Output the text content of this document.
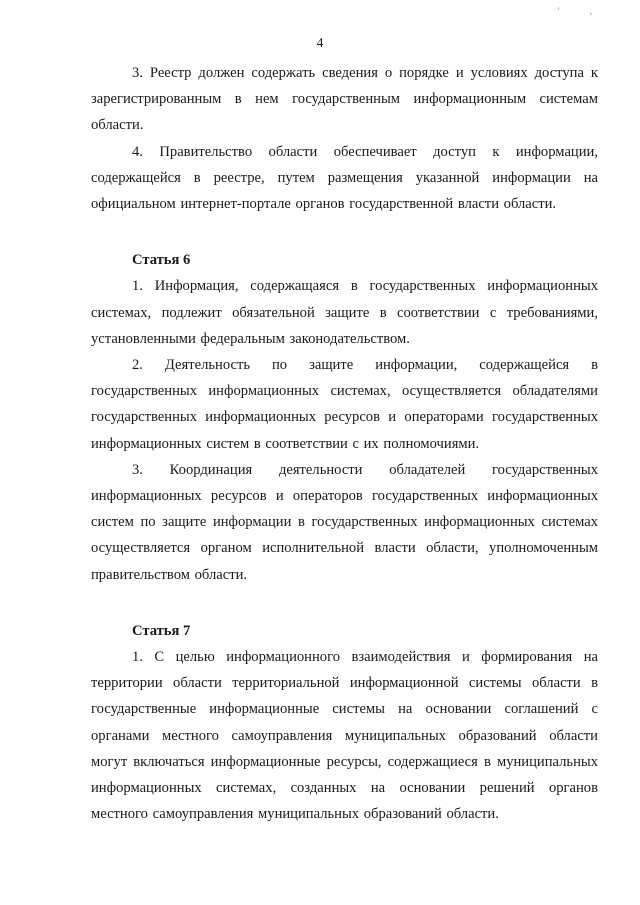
' ,
4

3. Реестр должен содержать сведения о порядке и условиях доступа к зарегистрированным в нем государственным информационным системам области.

4. Правительство области обеспечивает доступ к информации, содержащейся в реестре, путем размещения указанной информации на официальном интернет-портале органов государственной власти области.

Статья 6

1. Информация, содержащаяся в государственных информационных системах, подлежит обязательной защите в соответствии с требованиями, установленными федеральным законодательством.

2. Деятельность по защите информации, содержащейся в государственных информационных системах, осуществляется обладателями государственных информационных ресурсов и операторами государственных информационных систем в соответствии с их полномочиями.

3. Координация деятельности обладателей государственных информационных ресурсов и операторов государственных информационных систем по защите информации в государственных информационных системах осуществляется органом исполнительной власти области, уполномоченным правительством области.

Статья 7

1. С целью информационного взаимодействия и формирования на территории области территориальной информационной системы области в государственные информационные системы на основании соглашений с органами местного самоуправления муниципальных образований области могут включаться информационные ресурсы, содержащиеся в муниципальных информационных системах, созданных на основании решений органов местного самоуправления муниципальных образований области.
